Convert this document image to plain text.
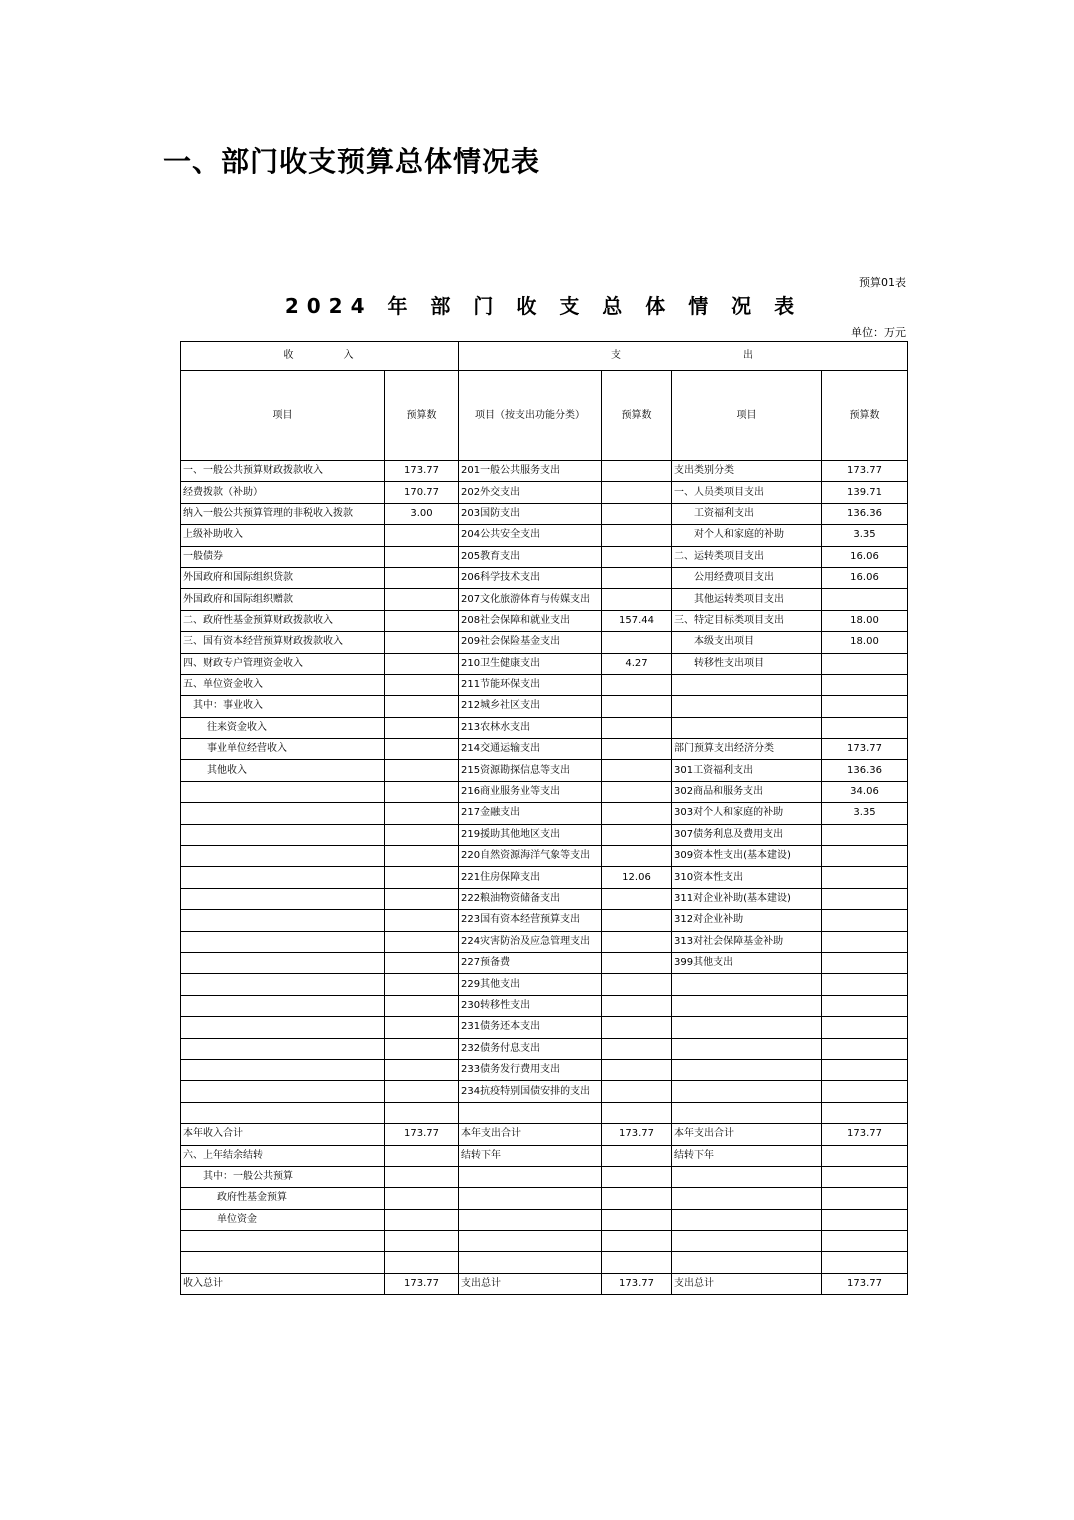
一、部门收支预算总体情况表
预算01表
2024 年 部 门 收 支 总 体 情 况 表
单位：万元
收　　　　入		支　　　　　　　　　　出			
项目	预算数	项目（按支出功能分类）	预算数	项目	预算数
一、一般公共预算财政拨款收入	173.77	201一般公共服务支出		支出类别分类	173.77
经费拨款（补助）	170.77	202外交支出		一、人员类项目支出	139.71
纳入一般公共预算管理的非税收入拨款	3.00	203国防支出		工资福利支出	136.36
上级补助收入		204公共安全支出		对个人和家庭的补助	3.35
一般债券		205教育支出		二、运转类项目支出	16.06
外国政府和国际组织贷款		206科学技术支出		公用经费项目支出	16.06
外国政府和国际组织赠款		207文化旅游体育与传媒支出		其他运转类项目支出	
二、政府性基金预算财政拨款收入		208社会保障和就业支出	157.44	三、特定目标类项目支出	18.00
三、国有资本经营预算财政拨款收入		209社会保险基金支出		本级支出项目	18.00
四、财政专户管理资金收入		210卫生健康支出	4.27	转移性支出项目	
五、单位资金收入		211节能环保支出			
其中：事业收入		212城乡社区支出			
往来资金收入		213农林水支出			
事业单位经营收入		214交通运输支出		部门预算支出经济分类	173.77
其他收入		215资源勘探信息等支出		301工资福利支出	136.36
		216商业服务业等支出		302商品和服务支出	34.06
		217金融支出		303对个人和家庭的补助	3.35
		219援助其他地区支出		307债务利息及费用支出	
		220自然资源海洋气象等支出		309资本性支出(基本建设)	
		221住房保障支出	12.06	310资本性支出	
		222粮油物资储备支出		311对企业补助(基本建设)	
		223国有资本经营预算支出		312对企业补助	
		224灾害防治及应急管理支出		313对社会保障基金补助	
		227预备费		399其他支出	
		229其他支出			
		230转移性支出			
		231债务还本支出			
		232债务付息支出			
		233债务发行费用支出			
		234抗疫特别国债安排的支出			

本年收入合计	173.77	本年支出合计	173.77	本年支出合计	173.77
六、上年结余结转		结转下年		结转下年	
其中：一般公共预算					
政府性基金预算					
单位资金					

收入总计	173.77	支出总计	173.77	支出总计	173.77
